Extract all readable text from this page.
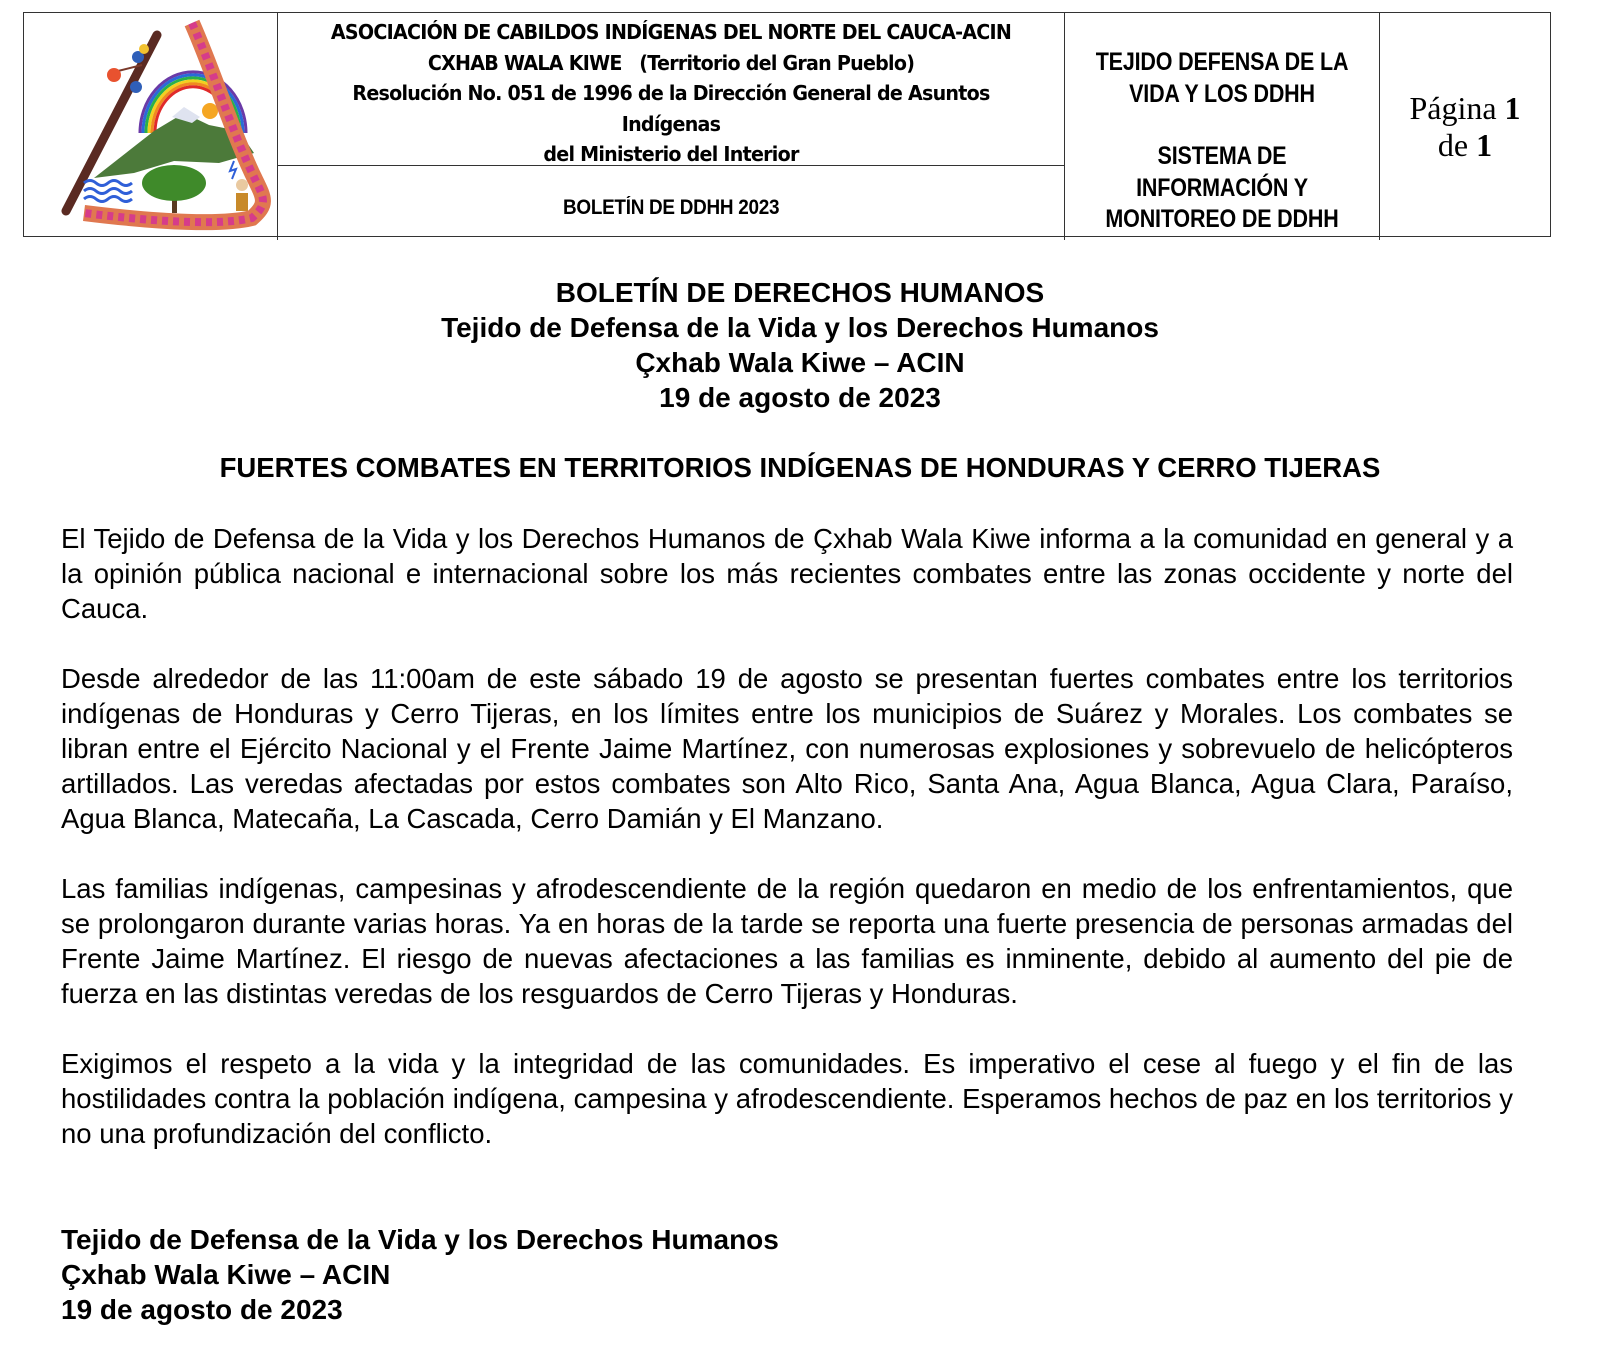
ASOCIACIÓN DE CABILDOS INDÍGENAS DEL NORTE DEL CAUCA-ACIN
CXHAB WALA KIWE   (Territorio del Gran Pueblo)
Resolución No. 051 de 1996 de la Dirección General de Asuntos Indígenas
del Ministerio del Interior
BOLETÍN DE DDHH 2023
TEJIDO DEFENSA DE LA
VIDA Y LOS DDHH
SISTEMA DE
INFORMACIÓN Y
MONITOREO DE DDHH
Página 1
de 1
BOLETÍN DE DERECHOS HUMANOS
Tejido de Defensa de la Vida y los Derechos Humanos
Çxhab Wala Kiwe – ACIN
19 de agosto de 2023
FUERTES COMBATES EN TERRITORIOS INDÍGENAS DE HONDURAS Y CERRO TIJERAS

El Tejido de Defensa de la Vida y los Derechos Humanos de Çxhab Wala Kiwe informa a la comunidad en general y a la opinión pública nacional e internacional sobre los más recientes combates entre las zonas occidente y norte del Cauca.

Desde alrededor de las 11:00am de este sábado 19 de agosto se presentan fuertes combates entre los territorios indígenas de Honduras y Cerro Tijeras, en los límites entre los municipios de Suárez y Morales. Los combates se libran entre el Ejército Nacional y el Frente Jaime Martínez, con numerosas explosiones y sobrevuelo de helicópteros artillados. Las veredas afectadas por estos combates son Alto Rico, Santa Ana, Agua Blanca, Agua Clara, Paraíso, Agua Blanca, Matecaña, La Cascada, Cerro Damián y El Manzano.

Las familias indígenas, campesinas y afrodescendiente de la región quedaron en medio de los enfrentamientos, que se prolongaron durante varias horas. Ya en horas de la tarde se reporta una fuerte presencia de personas armadas del Frente Jaime Martínez. El riesgo de nuevas afectaciones a las familias es inminente, debido al aumento del pie de fuerza en las distintas veredas de los resguardos de Cerro Tijeras y Honduras.

Exigimos el respeto a la vida y la integridad de las comunidades. Es imperativo el cese al fuego y el fin de las hostilidades contra la población indígena, campesina y afrodescendiente. Esperamos hechos de paz en los territorios y no una profundización del conflicto.

Tejido de Defensa de la Vida y los Derechos Humanos
Çxhab Wala Kiwe – ACIN
19 de agosto de 2023
